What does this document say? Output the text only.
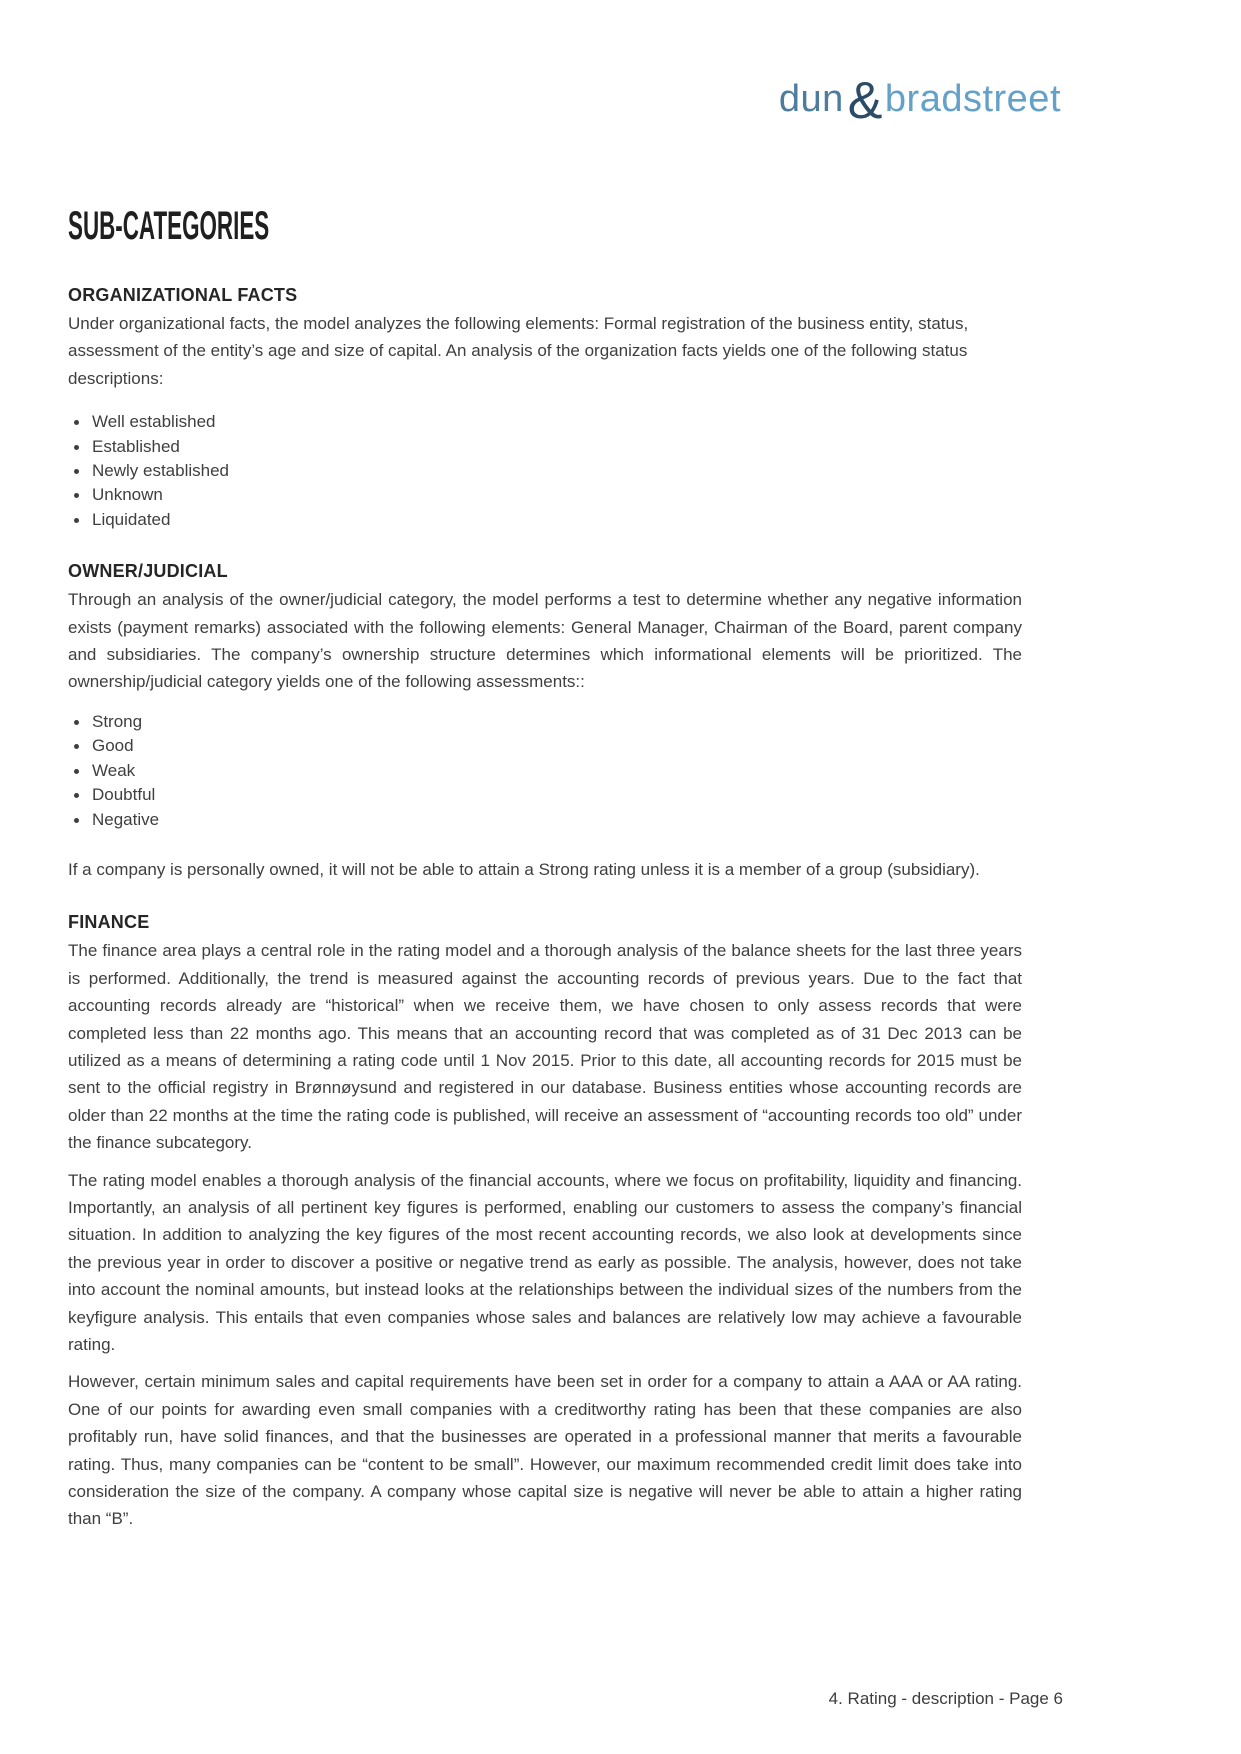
dun&bradstreet
SUB-CATEGORIES
ORGANIZATIONAL FACTS

Under organizational facts, the model analyzes the following elements: Formal registration of the business entity, status, assessment of the entity’s age and size of capital. An analysis of the organization facts yields one of the following status descriptions:

Well established
Established
Newly established
Unknown
Liquidated
OWNER/JUDICIAL

Through an analysis of the owner/judicial category, the model performs a test to determine whether any negative information exists (payment remarks) associated with the following elements: General Manager, Chairman of the Board, parent company and subsidiaries. The company’s ownership structure determines which informational elements will be prioritized. The ownership/judicial category yields one of the following assessments::

Strong
Good
Weak
Doubtful
Negative

If a company is personally owned, it will not be able to attain a Strong rating unless it is a member of a group (subsidiary).

FINANCE

The finance area plays a central role in the rating model and a thorough analysis of the balance sheets for the last three years is performed. Additionally, the trend is measured against the accounting records of previous years. Due to the fact that accounting records already are “historical” when we receive them, we have chosen to only assess records that were completed less than 22 months ago. This means that an accounting record that was completed as of 31 Dec 2013 can be utilized as a means of determining a rating code until 1 Nov 2015. Prior to this date, all accounting records for 2015 must be sent to the official registry in Brønnøysund and registered in our database. Business entities whose accounting records are older than 22 months at the time the rating code is published, will receive an assessment of “accounting records too old” under the finance subcategory.

The rating model enables a thorough analysis of the financial accounts, where we focus on profitability, liquidity and financing. Importantly, an analysis of all pertinent key figures is performed, enabling our customers to assess the company’s financial situation. In addition to analyzing the key figures of the most recent accounting records, we also look at developments since the previous year in order to discover a positive or negative trend as early as possible. The analysis, however, does not take into account the nominal amounts, but instead looks at the relationships between the individual sizes of the numbers from the keyfigure analysis. This entails that even companies whose sales and balances are relatively low may achieve a favourable rating.

However, certain minimum sales and capital requirements have been set in order for a company to attain a AAA or AA rating. One of our points for awarding even small companies with a creditworthy rating has been that these companies are also profitably run, have solid finances, and that the businesses are operated in a professional manner that merits a favourable rating. Thus, many companies can be “content to be small”. However, our maximum recommended credit limit does take into consideration the size of the company. A company whose capital size is negative will never be able to attain a higher rating than “B”.

4. Rating - description - Page 6
